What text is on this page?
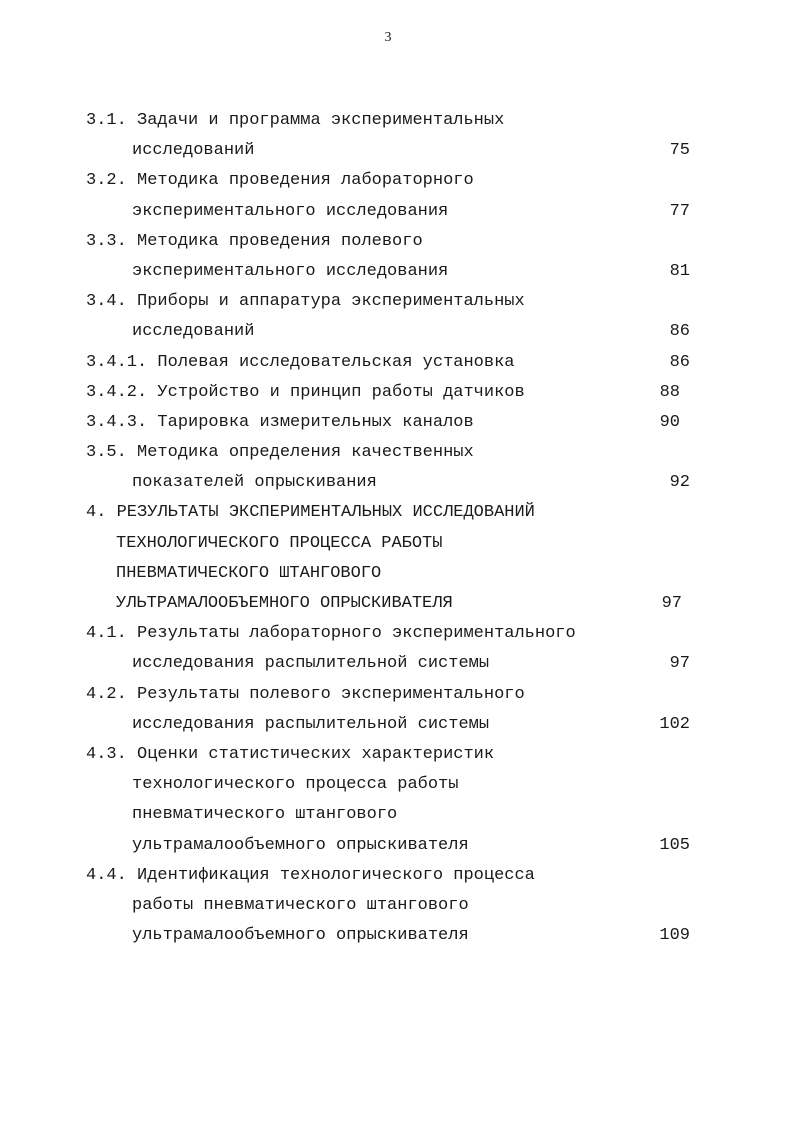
3
3.1. Задачи и программа экспериментальных
исследований	75
3.2. Методика проведения лабораторного
экспериментального исследования	77
3.3. Методика проведения полевого
экспериментального исследования	81
3.4. Приборы и аппаратура экспериментальных
исследований	86
3.4.1. Полевая исследовательская установка	86
3.4.2. Устройство и принцип работы датчиков	88
3.4.3. Тарировка измерительных каналов	90
3.5. Методика определения качественных
показателей опрыскивания	92
4. РЕЗУЛЬТАТЫ ЭКСПЕРИМЕНТАЛЬНЫХ ИССЛЕДОВАНИЙ
ТЕХНОЛОГИЧЕСКОГО ПРОЦЕССА РАБОТЫ
ПНЕВМАТИЧЕСКОГО ШТАНГОВОГО
УЛЬТРАМАЛООБЪЕМНОГО ОПРЫСКИВАТЕЛЯ	97
4.1. Результаты лабораторного экспериментального
исследования распылительной системы	97
4.2. Результаты полевого экспериментального
исследования распылительной системы	102
4.3. Оценки статистических характеристик
технологического процесса работы
пневматического штангового
ультрамалообъемного опрыскивателя	105
4.4. Идентификация технологического процесса
работы пневматического штангового
ультрамалообъемного опрыскивателя	109
